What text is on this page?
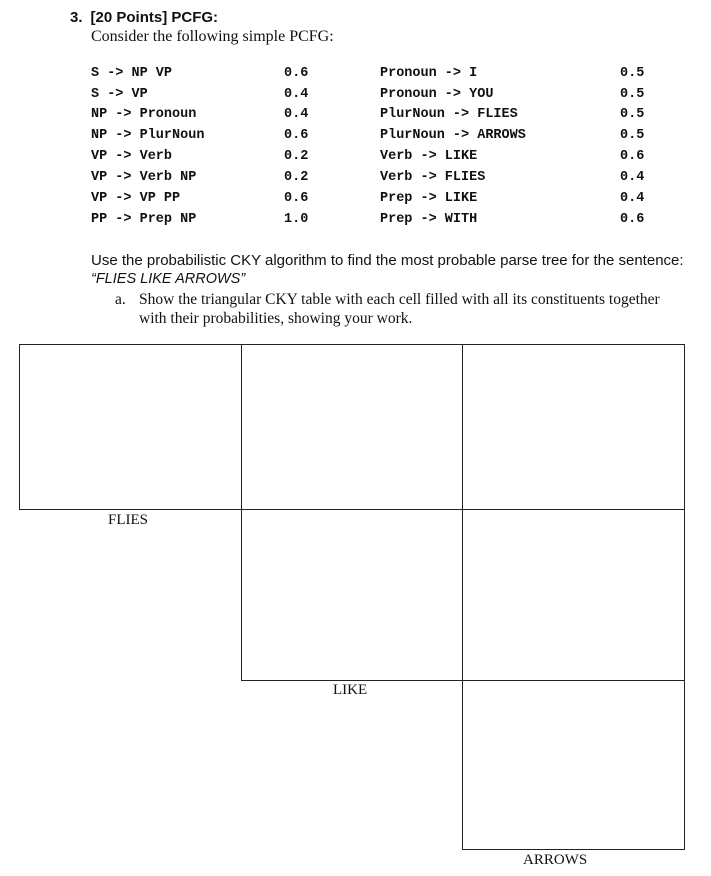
3. [20 Points] PCFG:
Consider the following simple PCFG:
S -> NP VP	0.6
S -> VP	0.4
NP -> Pronoun	0.4
NP -> PlurNoun	0.6
VP -> Verb	0.2
VP -> Verb NP	0.2
VP -> VP PP	0.6
PP -> Prep NP	1.0
Pronoun -> I	0.5
Pronoun -> YOU	0.5
PlurNoun -> FLIES	0.5
PlurNoun -> ARROWS	0.5
Verb -> LIKE	0.6
Verb -> FLIES	0.4
Prep -> LIKE	0.4
Prep -> WITH	0.6
Use the probabilistic CKY algorithm to find the most probable parse tree for the sentence:
“FLIES LIKE ARROWS”
a. Show the triangular CKY table with each cell filled with all its constituents together with their probabilities, showing your work.
FLIES
LIKE
ARROWS
